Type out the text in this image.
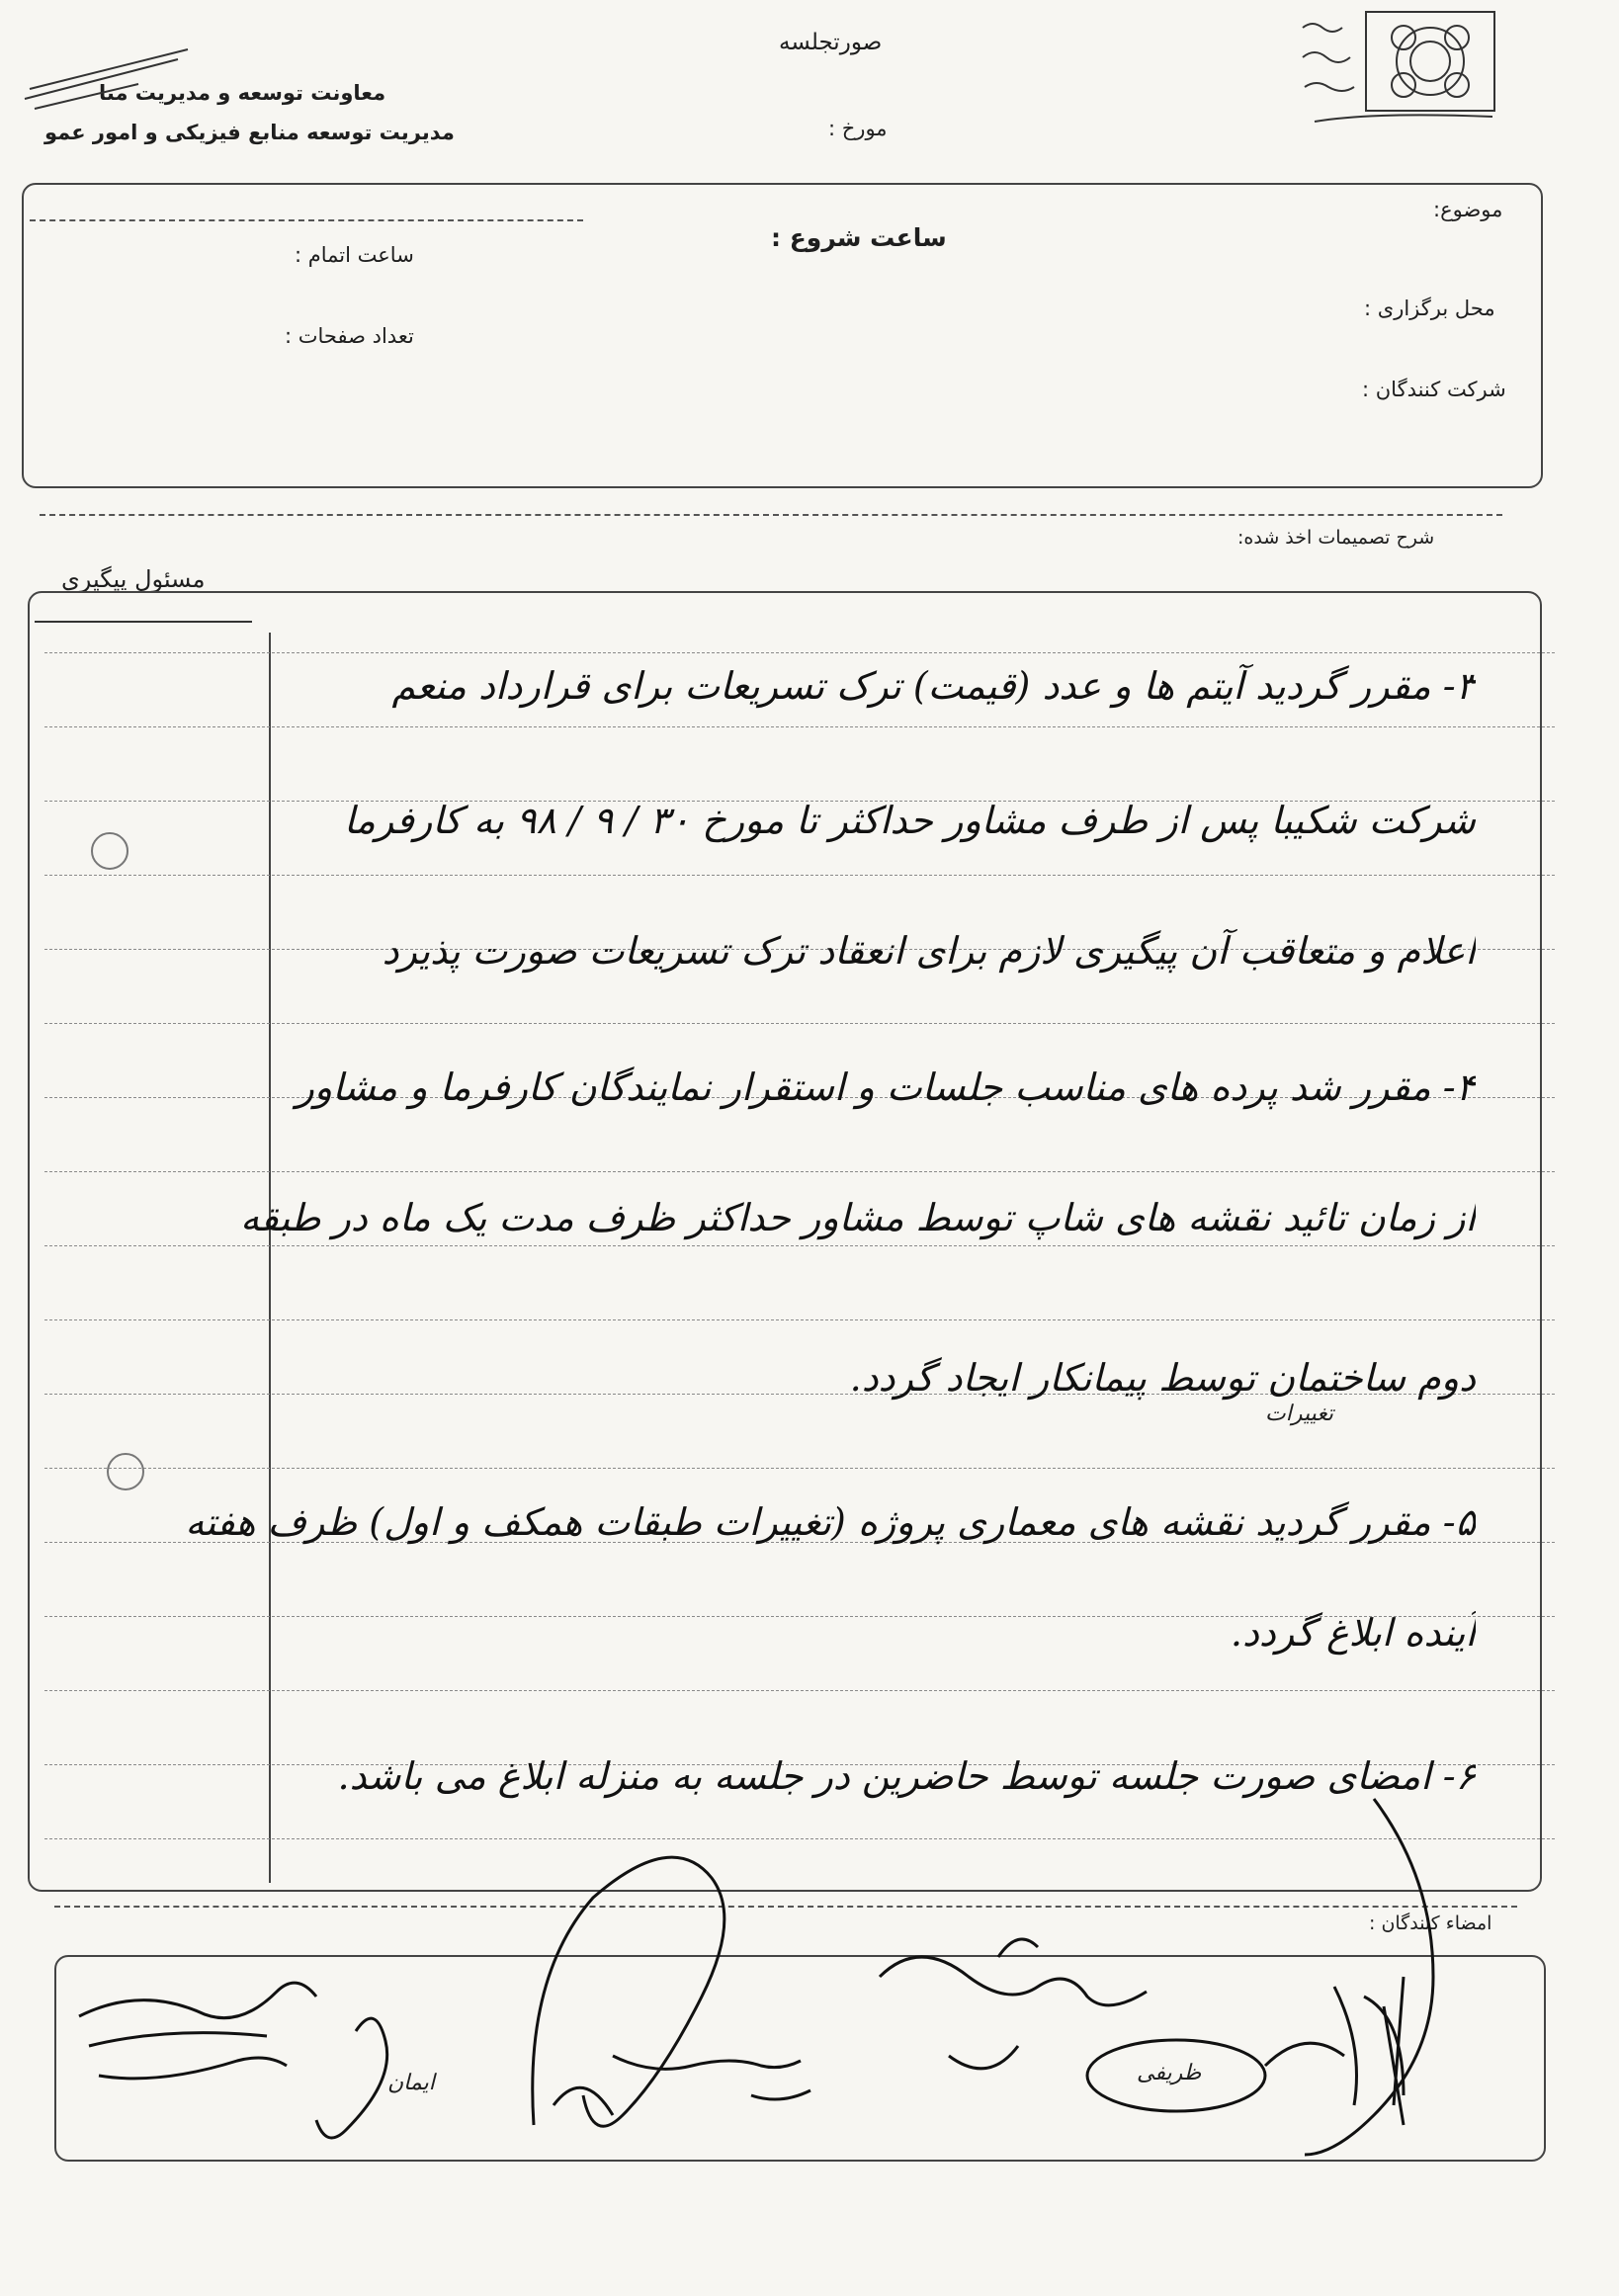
صورتجلسه
مورخ :
معاونت توسعه و مدیریت منا
مدیریت توسعه منابع فیزیکی و امور عمو
موضوع:
ساعت شروع :
ساعت اتمام :
محل برگزاری :
تعداد صفحات :
شرکت کنندگان :
شرح تصمیمات اخذ شده:
مسئول پیگیری
۳- مقرر گردید آیتم ها و عدد (قیمت) ترک تسریعات برای قرارداد منعم
شرکت شکیبا پس از طرف مشاور حداکثر تا مورخ ۳۰ / ۹ / ۹۸ به کارفرما
اعلام و متعاقب آن پیگیری لازم برای انعقاد ترک تسریعات صورت پذیرد
۴- مقرر شد پرده های مناسب جلسات و استقرار نمایندگان کارفرما و مشاور
از زمان تائید نقشه های شاپ توسط مشاور حداکثر ظرف مدت یک ماه در طبقه
دوم ساختمان توسط پیمانکار ایجاد گردد.
تغییرات
۵- مقرر گردید نقشه های معماری پروژه (تغییرات طبقات همکف و اول) ظرف هفته
آینده ابلاغ گردد.
۶- امضای صورت جلسه توسط حاضرین در جلسه به منزله ابلاغ می باشد.
امضاء کنندگان :
ظریفی
ایمان
